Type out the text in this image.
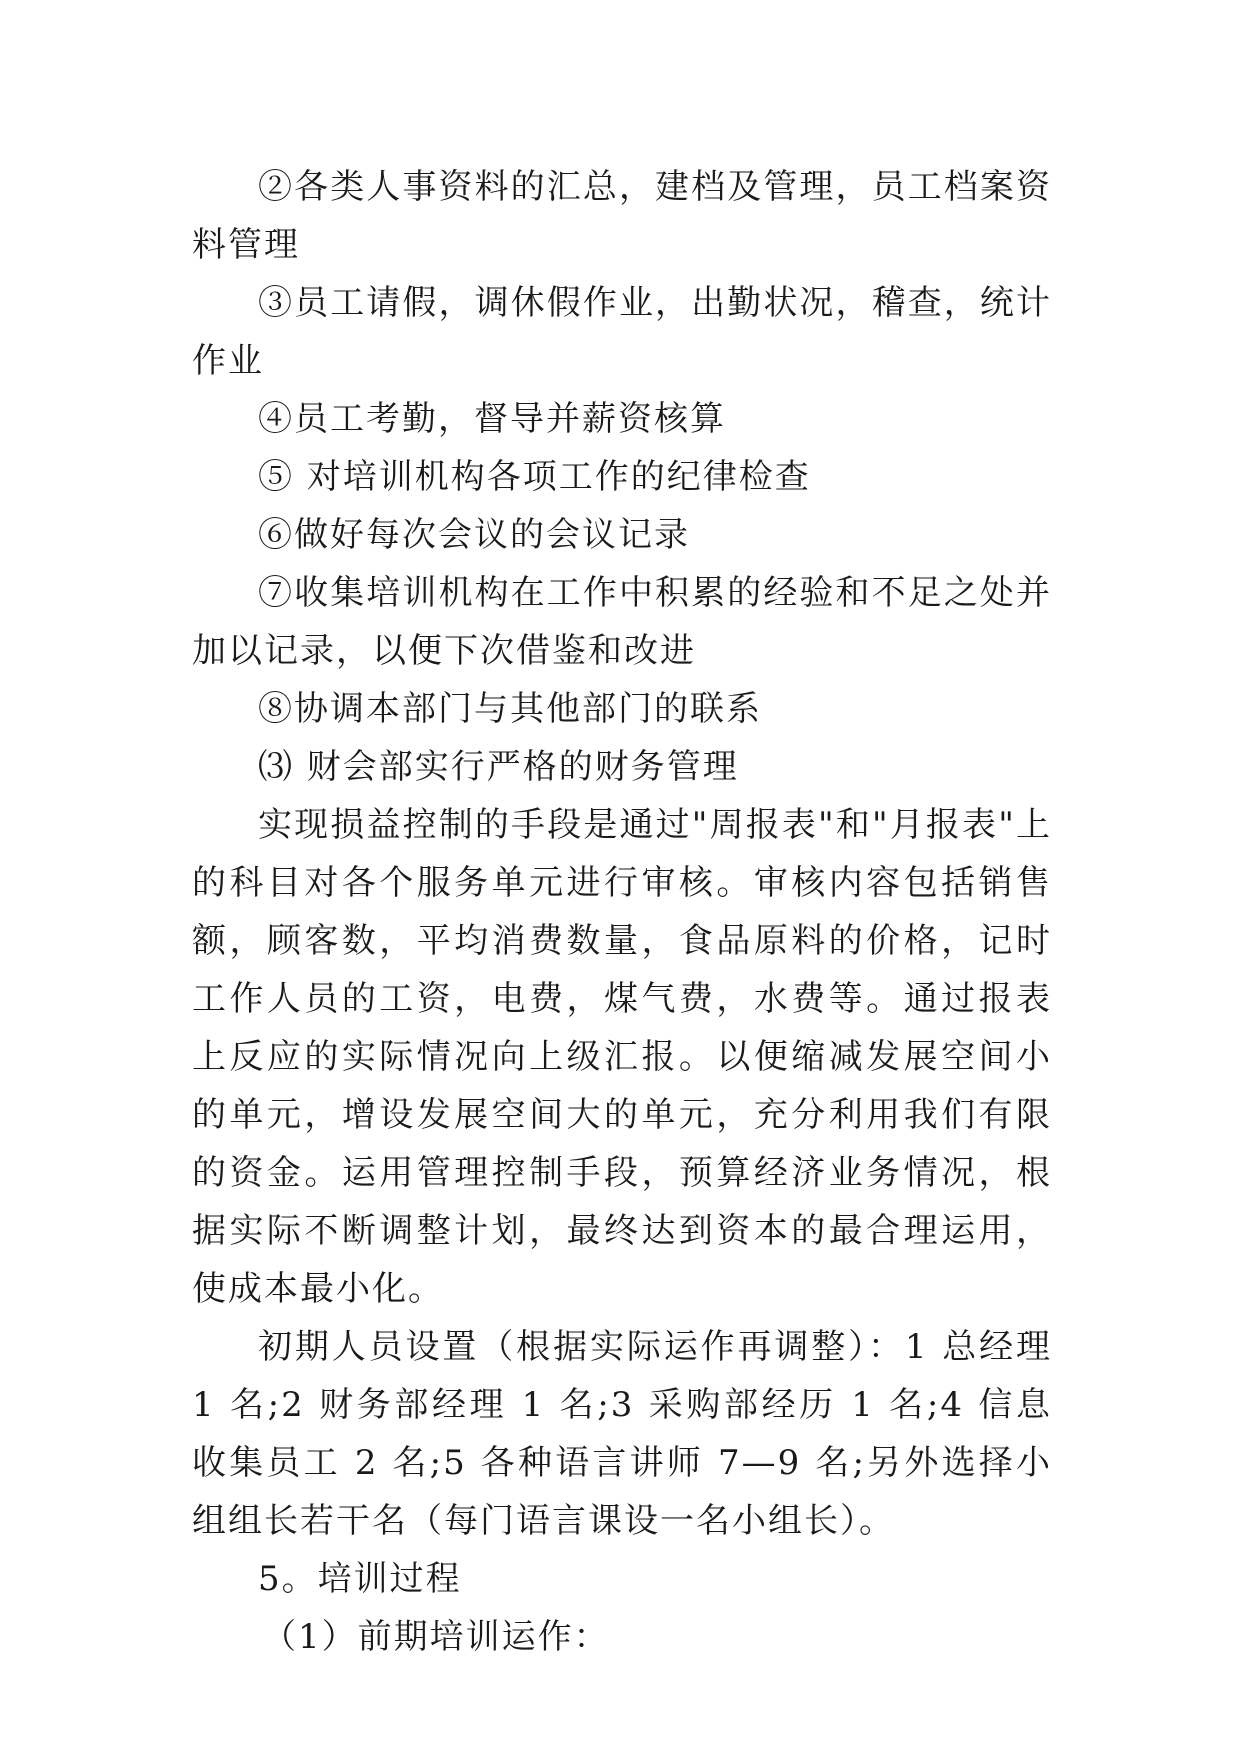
②各类人事资料的汇总，建档及管理，员工档案资料管理

③员工请假，调休假作业，出勤状况，稽查，统计作业

④员工考勤，督导并薪资核算

⑤ 对培训机构各项工作的纪律检查

⑥做好每次会议的会议记录

⑦收集培训机构在工作中积累的经验和不足之处并加以记录，以便下次借鉴和改进

⑧协调本部门与其他部门的联系

⑶ 财会部实行严格的财务管理

实现损益控制的手段是通过"周报表"和"月报表"上的科目对各个服务单元进行审核。审核内容包括销售额，顾客数，平均消费数量，食品原料的价格，记时工作人员的工资，电费，煤气费，水费等。通过报表上反应的实际情况向上级汇报。以便缩减发展空间小的单元，增设发展空间大的单元，充分利用我们有限的资金。运用管理控制手段，预算经济业务情况，根据实际不断调整计划，最终达到资本的最合理运用，使成本最小化。

初期人员设置（根据实际运作再调整）：1 总经理 1 名;2 财务部经理 1 名;3 采购部经历 1 名;4 信息收集员工 2 名;5 各种语言讲师 7—9 名;另外选择小组组长若干名（每门语言课设一名小组长）。

5。培训过程

（1）前期培训运作：
